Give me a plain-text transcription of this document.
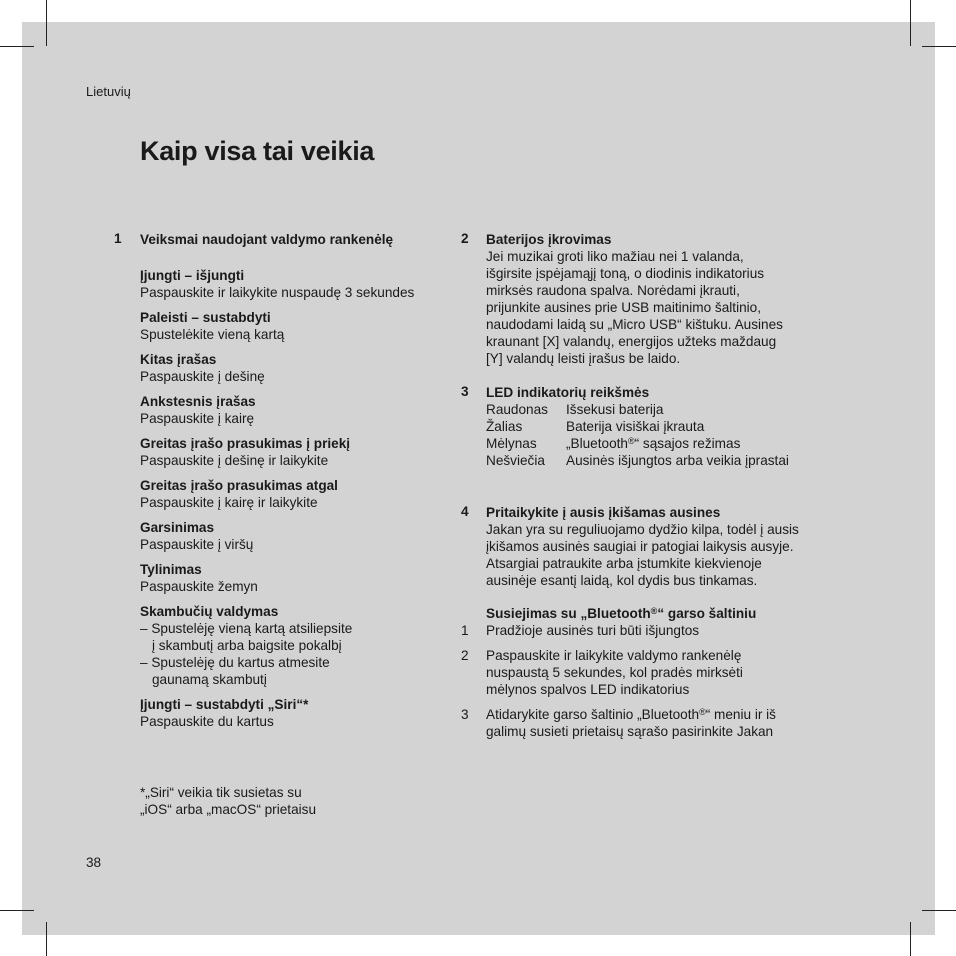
Lietuvių
Kaip visa tai veikia
1 Veiksmai naudojant valdymo rankenėlę
Įjungti – išjungti
Paspauskite ir laikykite nuspaudę 3 sekundes
Paleisti – sustabdyti
Spustelėkite vieną kartą
Kitas įrašas
Paspauskite į dešinę
Ankstesnis įrašas
Paspauskite į kairę
Greitas įrašo prasukimas į priekį
Paspauskite į dešinę ir laikykite
Greitas įrašo prasukimas atgal
Paspauskite į kairę ir laikykite
Garsinimas
Paspauskite į viršų
Tylinimas
Paspauskite žemyn
Skambučių valdymas
– Spustelėję vieną kartą atsiliepsite
į skambutį arba baigsite pokalbį
– Spustelėję du kartus atmesite
gaunamą skambutį
Įjungti – sustabdyti „Siri“*
Paspauskite du kartus
*„Siri“ veikia tik susietas su
„iOS“ arba „macOS“ prietaisu
38
2 Baterijos įkrovimas
Jei muzikai groti liko mažiau nei 1 valanda,
išgirsite įspėjamąjį toną, o diodinis indikatorius
mirksės raudona spalva. Norėdami įkrauti,
prijunkite ausines prie USB maitinimo šaltinio,
naudodami laidą su „Micro USB“ kištuku. Ausines
kraunant [X] valandų, energijos užteks maždaug
[Y] valandų leisti įrašus be laido.
3 LED indikatorių reikšmės
Raudonas	Išsekusi baterija
Žalias	Baterija visiškai įkrauta
Mėlynas	„Bluetooth®“ sąsajos režimas
Nešviečia	Ausinės išjungtos arba veikia įprastai
4 Pritaikykite į ausis įkišamas ausines
Jakan yra su reguliuojamo dydžio kilpa, todėl į ausis
įkišamos ausinės saugiai ir patogiai laikysis ausyje.
Atsargiai patraukite arba įstumkite kiekvienoje
ausinėje esantį laidą, kol dydis bus tinkamas.
Susiejimas su „Bluetooth®“ garso šaltiniu
1 Pradžioje ausinės turi būti išjungtos
2 Paspauskite ir laikykite valdymo rankenėlę
nuspaustą 5 sekundes, kol pradės mirksėti
mėlynos spalvos LED indikatorius
3 Atidarykite garso šaltinio „Bluetooth®“ meniu ir iš
galimų susieti prietaisų sąrašo pasirinkite Jakan
